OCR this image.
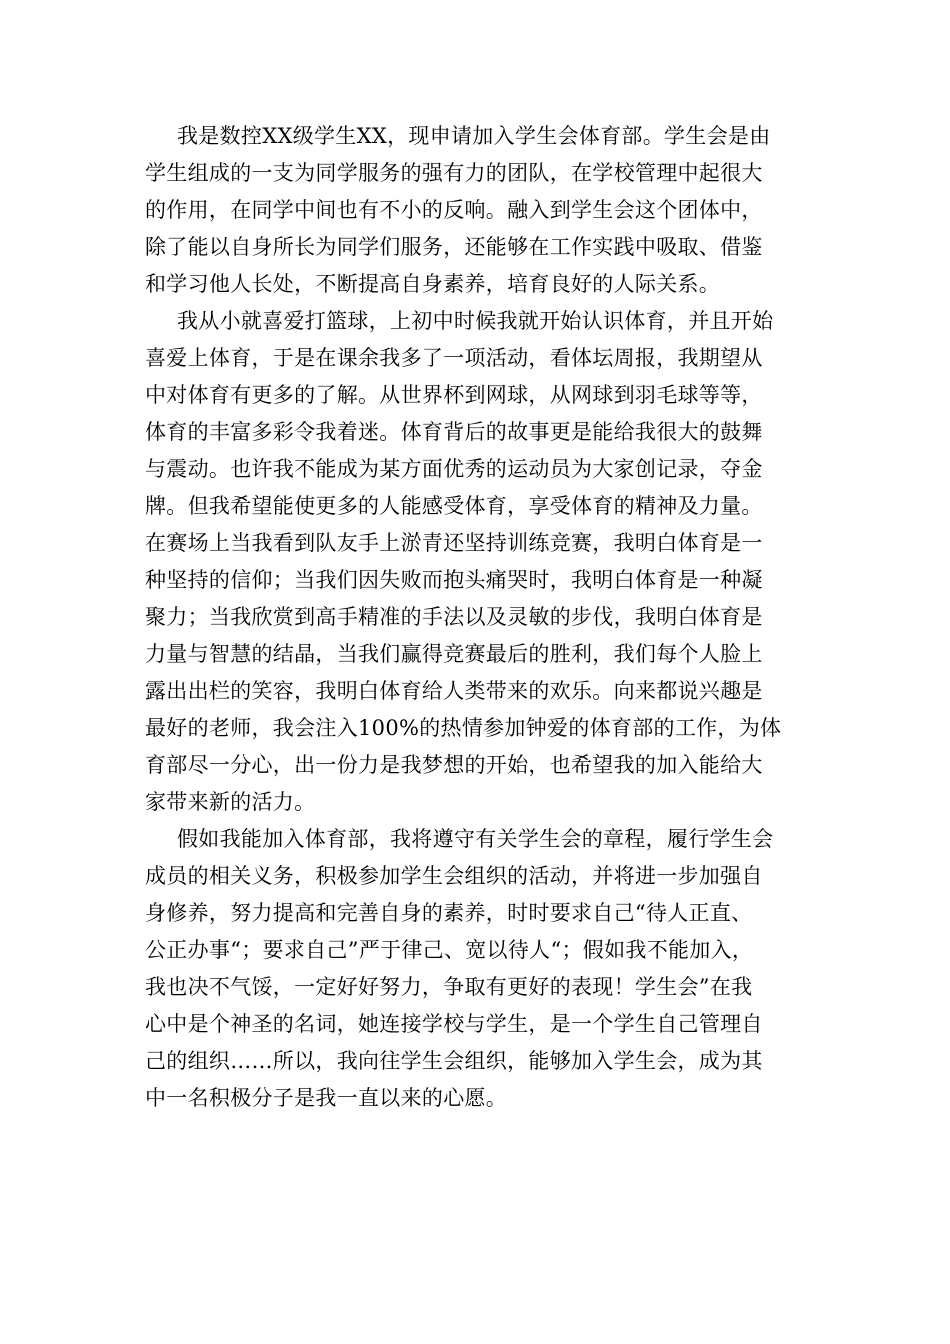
我是数控XX级学生XX，现申请加入学生会体育部。学生会是由
学生组成的一支为同学服务的强有力的团队，在学校管理中起很大
的作用，在同学中间也有不小的反响。融入到学生会这个团体中，
除了能以自身所长为同学们服务，还能够在工作实践中吸取、借鉴
和学习他人长处，不断提高自身素养，培育良好的人际关系。
我从小就喜爱打篮球，上初中时候我就开始认识体育，并且开始
喜爱上体育，于是在课余我多了一项活动，看体坛周报，我期望从
中对体育有更多的了解。从世界杯到网球，从网球到羽毛球等等，
体育的丰富多彩令我着迷。体育背后的故事更是能给我很大的鼓舞
与震动。也许我不能成为某方面优秀的运动员为大家创记录，夺金
牌。但我希望能使更多的人能感受体育，享受体育的精神及力量。
在赛场上当我看到队友手上淤青还坚持训练竞赛，我明白体育是一
种坚持的信仰；当我们因失败而抱头痛哭时，我明白体育是一种凝
聚力；当我欣赏到高手精准的手法以及灵敏的步伐，我明白体育是
力量与智慧的结晶，当我们赢得竞赛最后的胜利，我们每个人脸上
露出出栏的笑容，我明白体育给人类带来的欢乐。向来都说兴趣是
最好的老师，我会注入100%的热情参加钟爱的体育部的工作，为体
育部尽一分心，出一份力是我梦想的开始，也希望我的加入能给大
家带来新的活力。
假如我能加入体育部，我将遵守有关学生会的章程，履行学生会
成员的相关义务，积极参加学生会组织的活动，并将进一步加强自
身修养，努力提高和完善自身的素养，时时要求自己“待人正直、
公正办事“；要求自己”严于律己、宽以待人“；假如我不能加入，
我也决不气馁，一定好好努力，争取有更好的表现！学生会”在我
心中是个神圣的名词，她连接学校与学生，是一个学生自己管理自
己的组织……所以，我向往学生会组织，能够加入学生会，成为其
中一名积极分子是我一直以来的心愿。
